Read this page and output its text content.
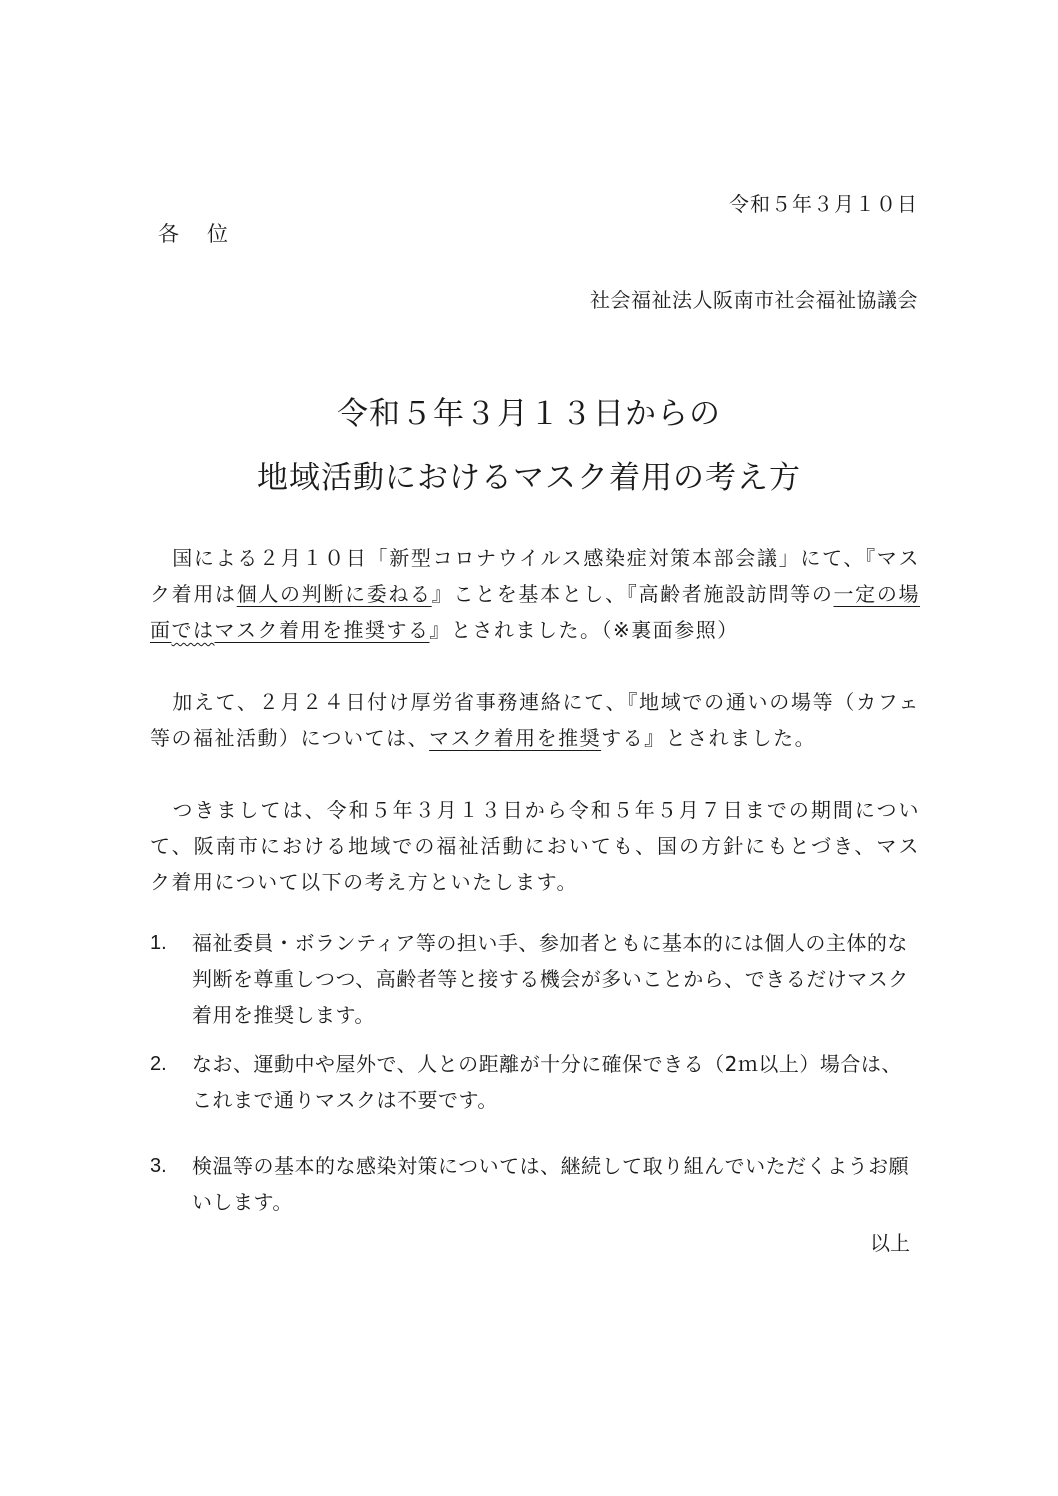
令和５年３月１０日

各位

社会福祉法人阪南市社会福祉協議会

令和５年３月１３日からの
地域活動におけるマスク着用の考え方

国による２月１０日「新型コロナウイルス感染症対策本部会議」にて、『マスク着用は個人の判断に委ねる』ことを基本とし、『高齢者施設訪問等の一定の場面ではマスク着用を推奨する』とされました。（※裏面参照）

加えて、２月２４日付け厚労省事務連絡にて、『地域での通いの場等（カフェ等の福祉活動）については、マスク着用を推奨する』とされました。

つきましては、令和５年３月１３日から令和５年５月７日までの期間について、阪南市における地域での福祉活動においても、国の方針にもとづき、マスク着用について以下の考え方といたします。

1.	福祉委員・ボランティア等の担い手、参加者ともに基本的には個人の主体的な判断を尊重しつつ、高齢者等と接する機会が多いことから、できるだけマスク着用を推奨します。
2.	なお、運動中や屋外で、人との距離が十分に確保できる（2ｍ以上）場合は、これまで通りマスクは不要です。
3.	検温等の基本的な感染対策については、継続して取り組んでいただくようお願いします。

以上
